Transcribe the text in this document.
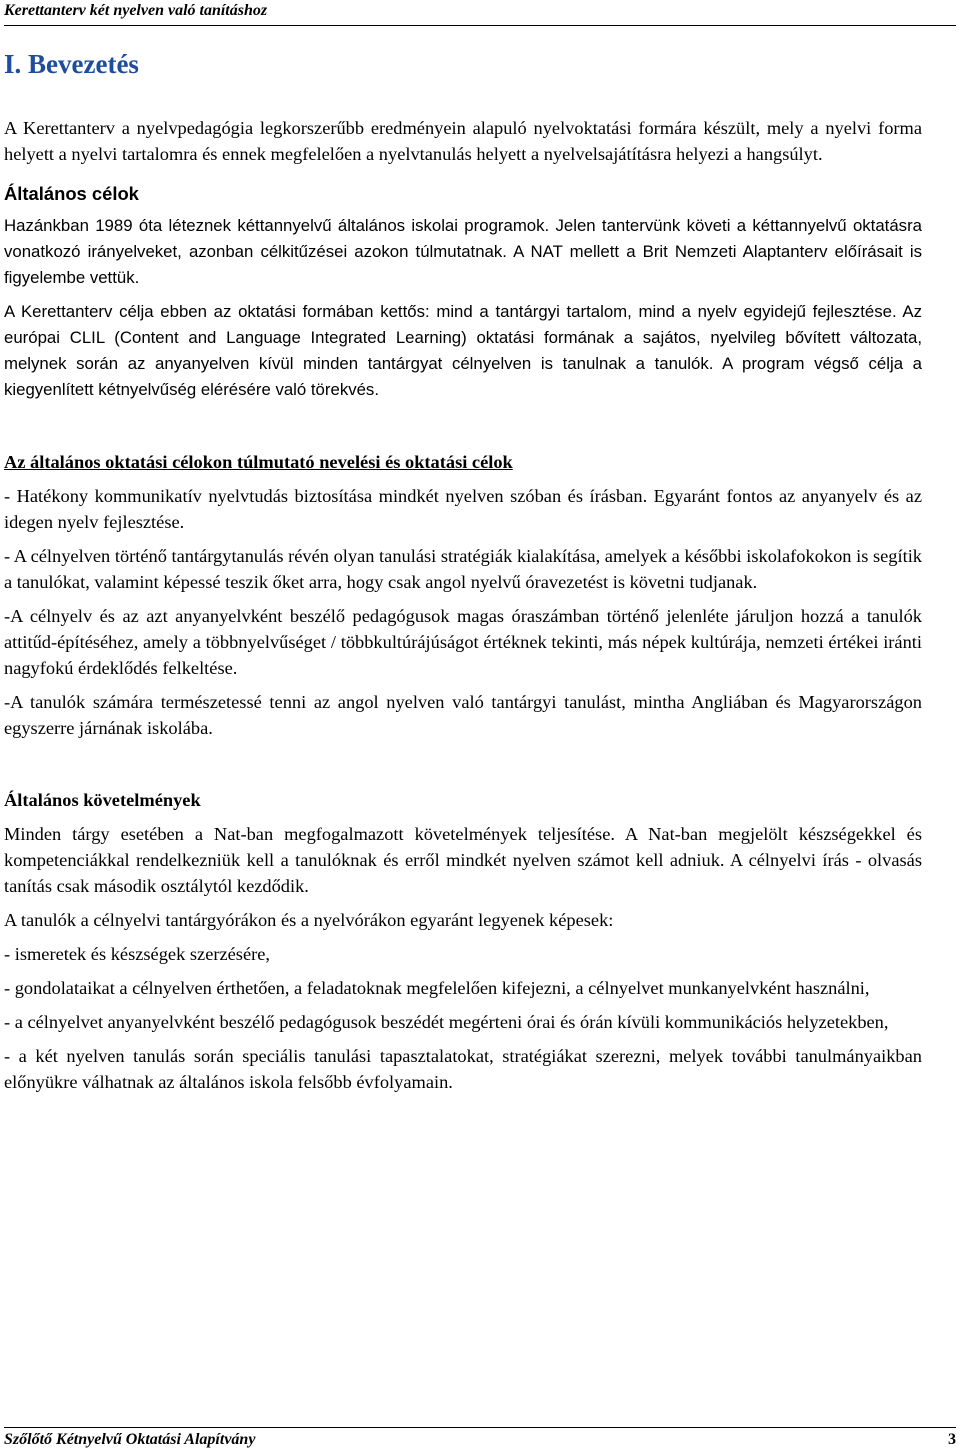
Kerettanterv két nyelven való tanításhoz
I. Bevezetés

A Kerettanterv a nyelvpedagógia legkorszerűbb eredményein alapuló nyelvoktatási formára készült, mely a nyelvi forma helyett a nyelvi tartalomra és ennek megfelelően a nyelvtanulás helyett a nyelvelsajátításra helyezi a hangsúlyt.

Általános célok

Hazánkban 1989 óta léteznek kéttannyelvű általános iskolai programok. Jelen tantervünk követi a kéttannyelvű oktatásra vonatkozó irányelveket, azonban célkitűzései azokon túlmutatnak. A NAT mellett a Brit Nemzeti Alaptanterv előírásait is figyelembe vettük.

A Kerettanterv célja ebben az oktatási formában kettős: mind a tantárgyi tartalom, mind a nyelv egyidejű fejlesztése. Az európai CLIL (Content and Language Integrated Learning) oktatási formának a sajátos, nyelvileg bővített változata, melynek során az anyanyelven kívül minden tantárgyat célnyelven is tanulnak a tanulók. A program végső célja a kiegyenlített kétnyelvűség elérésére való törekvés.

Az általános oktatási célokon túlmutató nevelési és oktatási célok

- Hatékony kommunikatív nyelvtudás biztosítása mindkét nyelven szóban és írásban. Egyaránt fontos az anyanyelv és az idegen nyelv fejlesztése.

- A célnyelven történő tantárgytanulás révén olyan tanulási stratégiák kialakítása, amelyek a későbbi iskolafokokon is segítik a tanulókat, valamint képessé teszik őket arra, hogy csak angol nyelvű óravezetést is követni tudjanak.

-A célnyelv és az azt anyanyelvként beszélő pedagógusok magas óraszámban történő jelenléte járuljon hozzá a tanulók attitűd-építéséhez, amely a többnyelvűséget / többkultúrájúságot értéknek tekinti, más népek kultúrája, nemzeti értékei iránti nagyfokú érdeklődés felkeltése.

-A tanulók számára természetessé tenni az angol nyelven való tantárgyi tanulást, mintha Angliában és Magyarországon egyszerre járnának iskolába.

Általános követelmények

Minden tárgy esetében a Nat-ban megfogalmazott követelmények teljesítése. A Nat-ban megjelölt készségekkel és kompetenciákkal rendelkezniük kell a tanulóknak és erről mindkét nyelven számot kell adniuk. A célnyelvi írás - olvasás tanítás csak második osztálytól kezdődik.

A tanulók a célnyelvi tantárgyórákon és a nyelvórákon egyaránt legyenek képesek:

- ismeretek és készségek szerzésére,

- gondolataikat a célnyelven érthetően, a feladatoknak megfelelően kifejezni, a célnyelvet munkanyelvként használni,

- a célnyelvet anyanyelvként beszélő pedagógusok beszédét megérteni órai és órán kívüli kommunikációs helyzetekben,

- a két nyelven tanulás során speciális tanulási tapasztalatokat, stratégiákat szerezni, melyek további tanulmányaikban előnyükre válhatnak az általános iskola felsőbb évfolyamain.

Szőlőtő Kétnyelvű Oktatási Alapítvány	3
